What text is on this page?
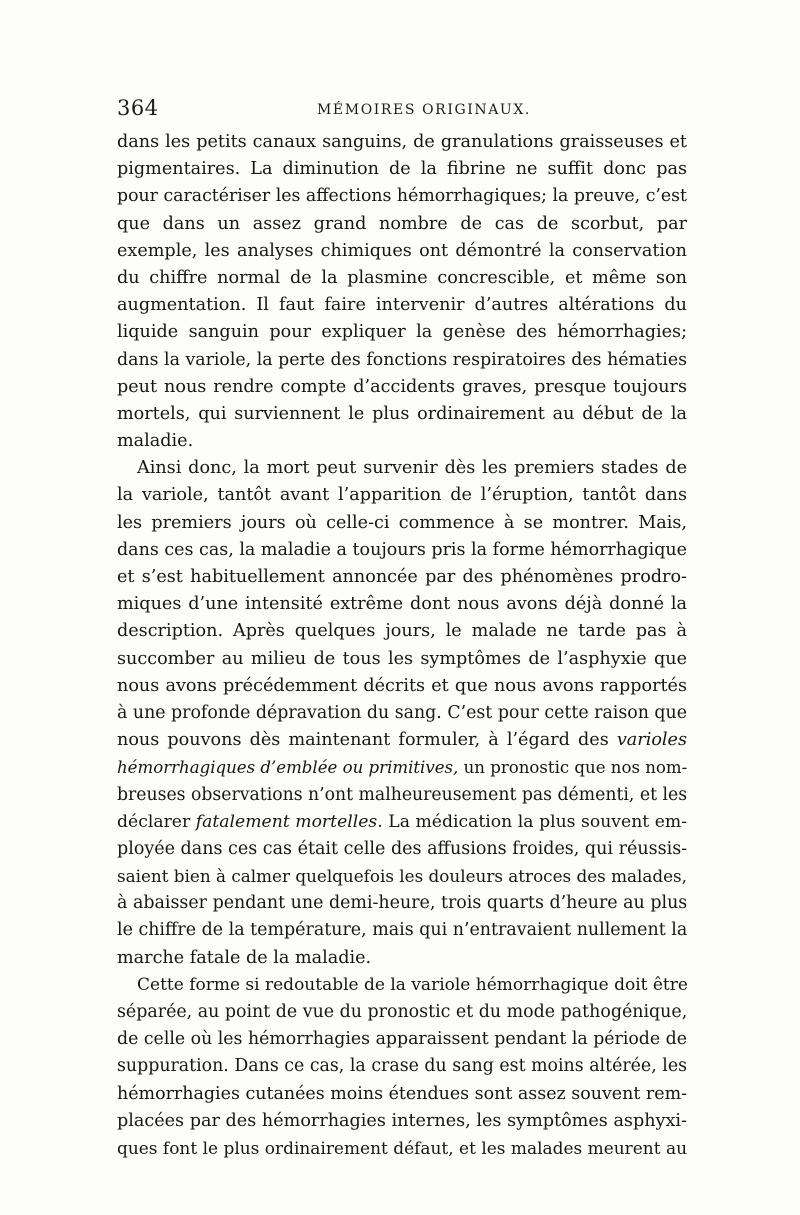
364	MÉMOIRES ORIGINAUX.
dans les petits canaux sanguins, de granulations graisseuses et
pigmentaires. La diminution de la fibrine ne suffit donc pas
pour caractériser les affections hémorrhagiques; la preuve, c’est
que dans un assez grand nombre de cas de scorbut, par
exemple, les analyses chimiques ont démontré la conservation
du chiffre normal de la plasmine concrescible, et même son
augmentation. Il faut faire intervenir d’autres altérations du
liquide sanguin pour expliquer la genèse des hémorrhagies;
dans la variole, la perte des fonctions respiratoires des hématies
peut nous rendre compte d’accidents graves, presque toujours
mortels, qui surviennent le plus ordinairement au début de la
maladie.
Ainsi donc, la mort peut survenir dès les premiers stades de
la variole, tantôt avant l’apparition de l’éruption, tantôt dans
les premiers jours où celle-ci commence à se montrer. Mais,
dans ces cas, la maladie a toujours pris la forme hémorrhagique
et s’est habituellement annoncée par des phénomènes prodro-
miques d’une intensité extrême dont nous avons déjà donné la
description. Après quelques jours, le malade ne tarde pas à
succomber au milieu de tous les symptômes de l’asphyxie que
nous avons précédemment décrits et que nous avons rapportés
à une profonde dépravation du sang. C’est pour cette raison que
nous pouvons dès maintenant formuler, à l’égard des varioles
hémorrhagiques d’emblée ou primitives, un pronostic que nos nom-
breuses observations n’ont malheureusement pas démenti, et les
déclarer fatalement mortelles. La médication la plus souvent em-
ployée dans ces cas était celle des affusions froides, qui réussis-
saient bien à calmer quelquefois les douleurs atroces des malades,
à abaisser pendant une demi-heure, trois quarts d’heure au plus
le chiffre de la température, mais qui n’entravaient nullement la
marche fatale de la maladie.
Cette forme si redoutable de la variole hémorrhagique doit être
séparée, au point de vue du pronostic et du mode pathogénique,
de celle où les hémorrhagies apparaissent pendant la période de
suppuration. Dans ce cas, la crase du sang est moins altérée, les
hémorrhagies cutanées moins étendues sont assez souvent rem-
placées par des hémorrhagies internes, les symptômes asphyxi-
ques font le plus ordinairement défaut, et les malades meurent au
